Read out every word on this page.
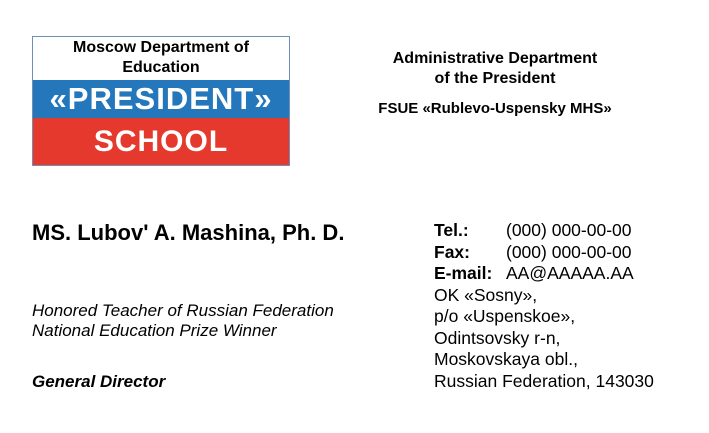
Moscow Department of
Education
«PRESIDENT»
SCHOOL
Administrative Department
of the President
FSUE «Rublevo-Uspensky MHS»
MS. Lubov' A. Mashina, Ph. D.
Honored Teacher of Russian Federation
National Education Prize Winner
General Director
Tel.:	(000) 000-00-00
Fax:	(000) 000-00-00
E-mail: AA@AAAAA.AA
OK «Sosny»,
p/o «Uspenskoe»,
Odintsovsky r-n,
Moskovskaya obl.,
Russian Federation, 143030
